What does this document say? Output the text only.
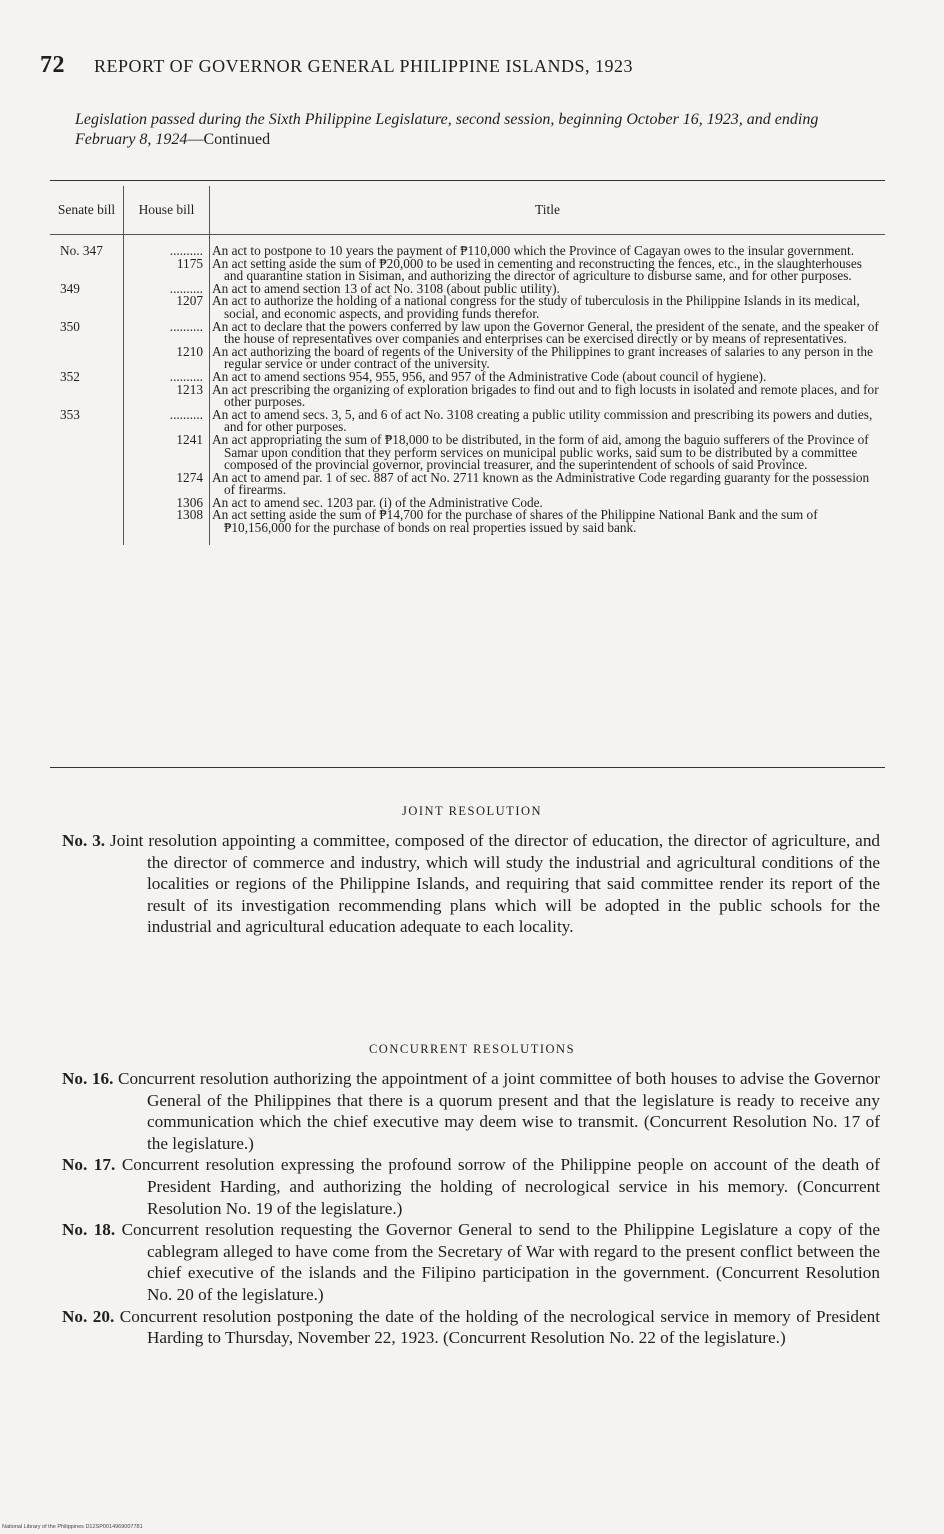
72 REPORT OF GOVERNOR GENERAL PHILIPPINE ISLANDS, 1923
Legislation passed during the Sixth Philippine Legislature, second session, beginning October 16, 1923, and ending February 8, 1924—Continued
Senate bill	House bill	Title

No. 347	..........	An act to postpone to 10 years the payment of ₱110,000 which the Province of Cagayan owes to the insular government.
	1175	An act setting aside the sum of ₱20,000 to be used in cementing and reconstructing the fences, etc., in the slaughterhouses and quarantine station in Sisiman, and authorizing the director of agriculture to disburse same, and for other purposes.
349	..........	An act to amend section 13 of act No. 3108 (about public utility).
	1207	An act to authorize the holding of a national congress for the study of tuberculosis in the Philippine Islands in its medical, social, and economic aspects, and providing funds therefor.
350	..........	An act to declare that the powers conferred by law upon the Governor General, the president of the senate, and the speaker of the house of representatives over companies and enterprises can be exercised directly or by means of representatives.
	1210	An act authorizing the board of regents of the University of the Philippines to grant increases of salaries to any person in the regular service or under contract of the university.
352	..........	An act to amend sections 954, 955, 956, and 957 of the Administrative Code (about council of hygiene).
	1213	An act prescribing the organizing of exploration brigades to find out and to figh locusts in isolated and remote places, and for other purposes.
353	..........	An act to amend secs. 3, 5, and 6 of act No. 3108 creating a public utility commission and prescribing its powers and duties, and for other purposes.
	1241	An act appropriating the sum of ₱18,000 to be distributed, in the form of aid, among the baguio sufferers of the Province of Samar upon condition that they perform services on municipal public works, said sum to be distributed by a committee composed of the provincial governor, provincial treasurer, and the superintendent of schools of said Province.
	1274	An act to amend par. 1 of sec. 887 of act No. 2711 known as the Administrative Code regarding guaranty for the possession of firearms.
	1306	An act to amend sec. 1203 par. (i) of the Administrative Code.
	1308	An act setting aside the sum of ₱14,700 for the purchase of shares of the Philippine National Bank and the sum of ₱10,156,000 for the purchase of bonds on real properties issued by said bank.

JOINT RESOLUTION
No. 3. Joint resolution appointing a committee, composed of the director of education, the director of agriculture, and the director of commerce and industry, which will study the industrial and agricultural conditions of the localities or regions of the Philippine Islands, and requiring that said committee render its report of the result of its investigation recommending plans which will be adopted in the public schools for the industrial and agricultural education adequate to each locality.
CONCURRENT RESOLUTIONS
No. 16. Concurrent resolution authorizing the appointment of a joint committee of both houses to advise the Governor General of the Philippines that there is a quorum present and that the legislature is ready to receive any communication which the chief executive may deem wise to transmit. (Concurrent Resolution No. 17 of the legislature.)
No. 17. Concurrent resolution expressing the profound sorrow of the Philippine people on account of the death of President Harding, and authorizing the holding of necrological service in his memory. (Concurrent Resolution No. 19 of the legislature.)
No. 18. Concurrent resolution requesting the Governor General to send to the Philippine Legislature a copy of the cablegram alleged to have come from the Secretary of War with regard to the present conflict between the chief executive of the islands and the Filipino participation in the government. (Concurrent Resolution No. 20 of the legislature.)
No. 20. Concurrent resolution postponing the date of the holding of the necrological service in memory of President Harding to Thursday, November 22, 1923. (Concurrent Resolution No. 22 of the legislature.)
National Library of the Philippines D12SP0014969007781
